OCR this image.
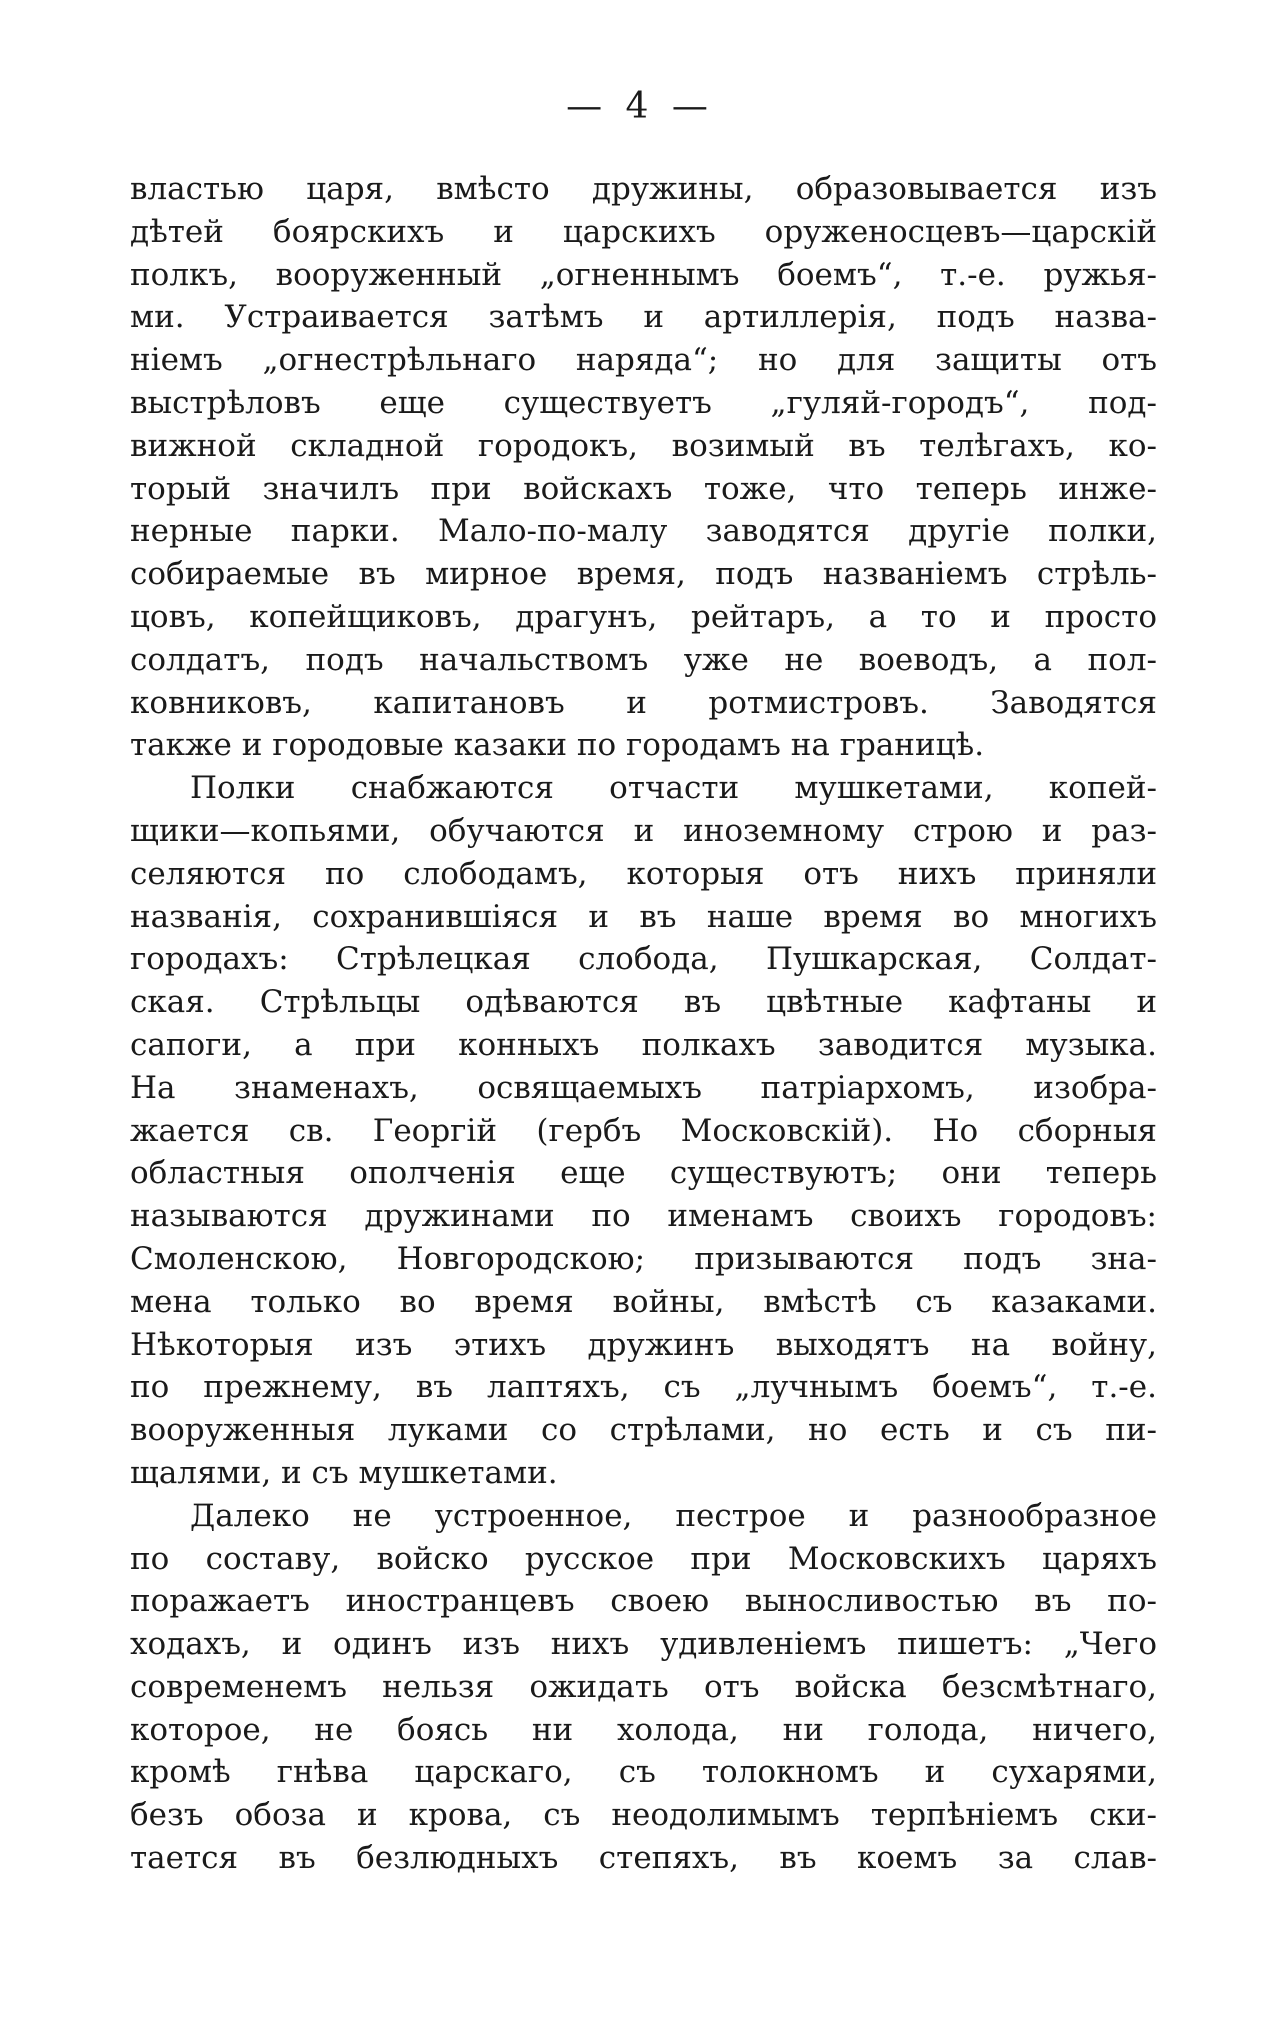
— 4 —
властью царя, вмѣсто дружины, образовывается изъ
дѣтей боярскихъ и царскихъ оруженосцевъ—царскій
полкъ, вооруженный „огненнымъ боемъ“, т.-е. ружья-
ми. Устраивается затѣмъ и артиллерія, подъ назва-
ніемъ „огнестрѣльнаго наряда“; но для защиты отъ
выстрѣловъ еще существуетъ „гуляй-городъ“, под-
вижной складной городокъ, возимый въ телѣгахъ, ко-
торый значилъ при войскахъ тоже, что теперь инже-
нерные парки. Мало-по-малу заводятся другіе полки,
собираемые въ мирное время, подъ названіемъ стрѣль-
цовъ, копейщиковъ, драгунъ, рейтаръ, а то и просто
солдатъ, подъ начальствомъ уже не воеводъ, а пол-
ковниковъ, капитановъ и ротмистровъ. Заводятся
также и городовые казаки по городамъ на границѣ.
Полки снабжаются отчасти мушкетами, копей-
щики—копьями, обучаются и иноземному строю и раз-
селяются по слободамъ, которыя отъ нихъ приняли
названія, сохранившіяся и въ наше время во многихъ
городахъ: Стрѣлецкая слобода, Пушкарская, Солдат-
ская. Стрѣльцы одѣваются въ цвѣтные кафтаны и
сапоги, а при конныхъ полкахъ заводится музыка.
На знаменахъ, освящаемыхъ патріархомъ, изобра-
жается св. Георгій (гербъ Московскій). Но сборныя
областныя ополченія еще существуютъ; они теперь
называются дружинами по именамъ своихъ городовъ:
Смоленскою, Новгородскою; призываются подъ зна-
мена только во время войны, вмѣстѣ съ казаками.
Нѣкоторыя изъ этихъ дружинъ выходятъ на войну,
по прежнему, въ лаптяхъ, съ „лучнымъ боемъ“, т.-е.
вооруженныя луками со стрѣлами, но есть и съ пи-
щалями, и съ мушкетами.
Далеко не устроенное, пестрое и разнообразное
по составу, войско русское при Московскихъ царяхъ
поражаетъ иностранцевъ своею выносливостью въ по-
ходахъ, и одинъ изъ нихъ удивленіемъ пишетъ: „Чего
современемъ нельзя ожидать отъ войска безсмѣтнаго,
которое, не боясь ни холода, ни голода, ничего,
кромѣ гнѣва царскаго, съ толокномъ и сухарями,
безъ обоза и крова, съ неодолимымъ терпѣніемъ ски-
тается въ безлюдныхъ степяхъ, въ коемъ за слав-
